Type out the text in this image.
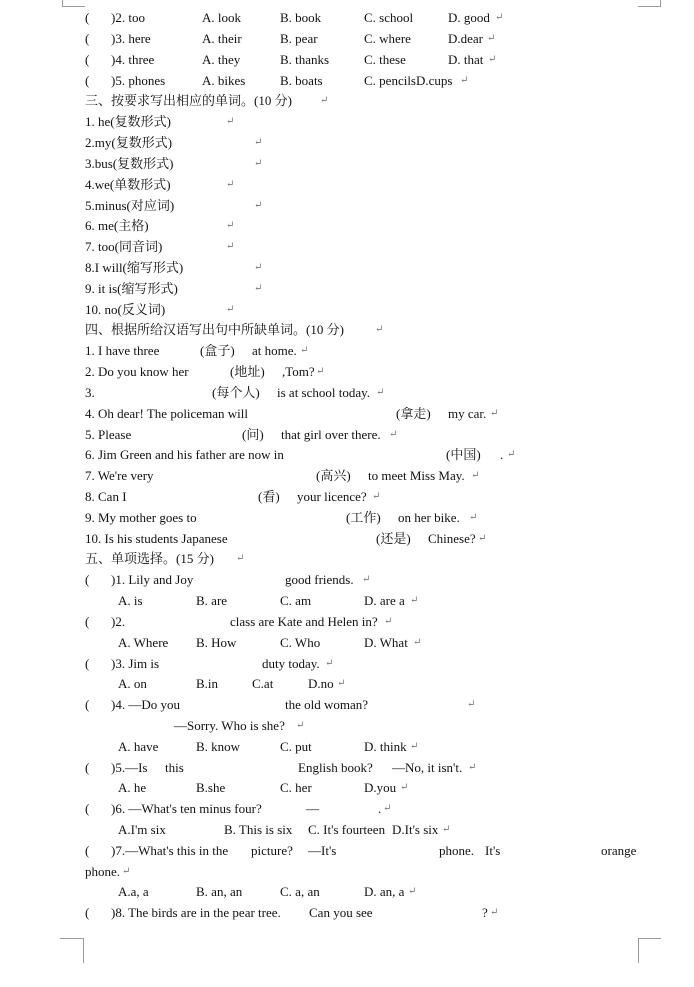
( )2. too	A. look	B. book	C. school	D. good ↵
( )3. here	A. their	B. pear	C. where	D.dear ↵
( )4. three	A. they	B. thanks	C. these	D. that ↵
( )5. phones	A. bikes	B. boats	C. pencilsD.cups ↵
三、按要求写出相应的单词。(10 分)	↵
1. he(复数形式)	↵
2.my(复数形式)	↵
3.bus(复数形式)	↵
4.we(单数形式)	↵
5.minus(对应词)	↵
6. me(主格)	↵
7. too(同音词)	↵
8.I will(缩写形式)	↵
9. it is(缩写形式)	↵
10. no(反义词)	↵
四、根据所给汉语写出句中所缺单词。(10 分)	↵
1. I have three	(盒子) at home. ↵
2. Do you know her	(地址) ,Tom? ↵
3.	(每个人) is at school today. ↵
4. Oh dear! The policeman will	(拿走) my car. ↵
5. Please	(问) that girl over there. ↵
6. Jim Green and his father are now in	(中国) . ↵
7. We're very	(高兴) to meet Miss May. ↵
8. Can I	(看) your licence? ↵
9. My mother goes to	(工作) on her bike. ↵
10. Is his students Japanese	(还是) Chinese? ↵
五、单项选择。(15 分) ↵
( )1. Lily and Joy	good friends. ↵
A. is	B. are	C. am	D. are a ↵
( )2.	class are Kate and Helen in? ↵
A. Where B. How	C. Who	D. What ↵
( )3. Jim is	duty today. ↵
A. on	B.in	C.at	D.no ↵
( )4. —Do you	the old woman?	↵
—Sorry. Who is she? ↵
A. have	B. know	C. put	D. think ↵
( )5.—Is this	English book? —No, it isn't. ↵
A. he	B.she	C. her	D.you ↵
( )6. —What's ten minus four?	—	. ↵
A.I'm six	B. This is six C. It's fourteen D.It's six ↵
( )7.—What's this in the picture? —It's	phone. It's	orange
phone. ↵
A.a, a	B. an, an	C. a, an	D. an, a ↵
( )8. The birds are in the pear tree. Can you see	? ↵
